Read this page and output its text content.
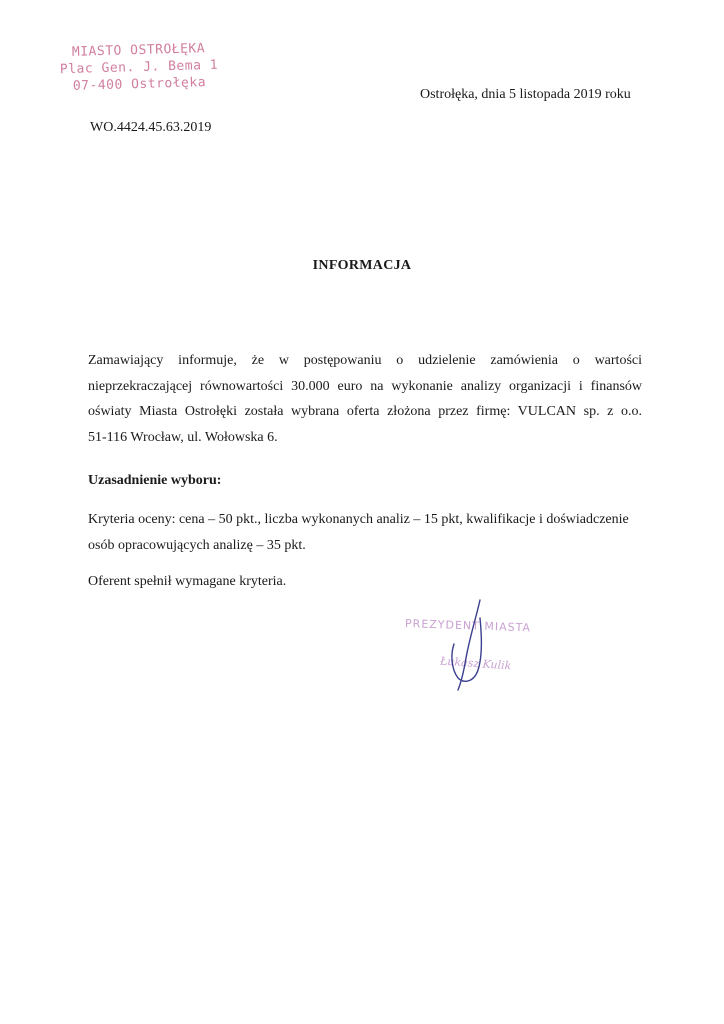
MIASTO OSTROŁĘKA
Plac Gen. J. Bema 1
07-400 Ostrołęka
Ostrołęka, dnia 5 listopada 2019 roku
WO.4424.45.63.2019
INFORMACJA
Zamawiający informuje, że w postępowaniu o udzielenie zamówienia o wartości
nieprzekraczającej równowartości 30.000 euro na wykonanie analizy organizacji i finansów
oświaty Miasta Ostrołęki została wybrana oferta złożona przez firmę: VULCAN sp. z o.o.
51-116 Wrocław, ul. Wołowska 6.
Uzasadnienie wyboru:
Kryteria oceny: cena – 50 pkt., liczba wykonanych analiz – 15 pkt, kwalifikacje i doświadczenie
osób opracowujących analizę – 35 pkt.
Oferent spełnił wymagane kryteria.
PREZYDENT MIASTA
Łukasz Kulik
